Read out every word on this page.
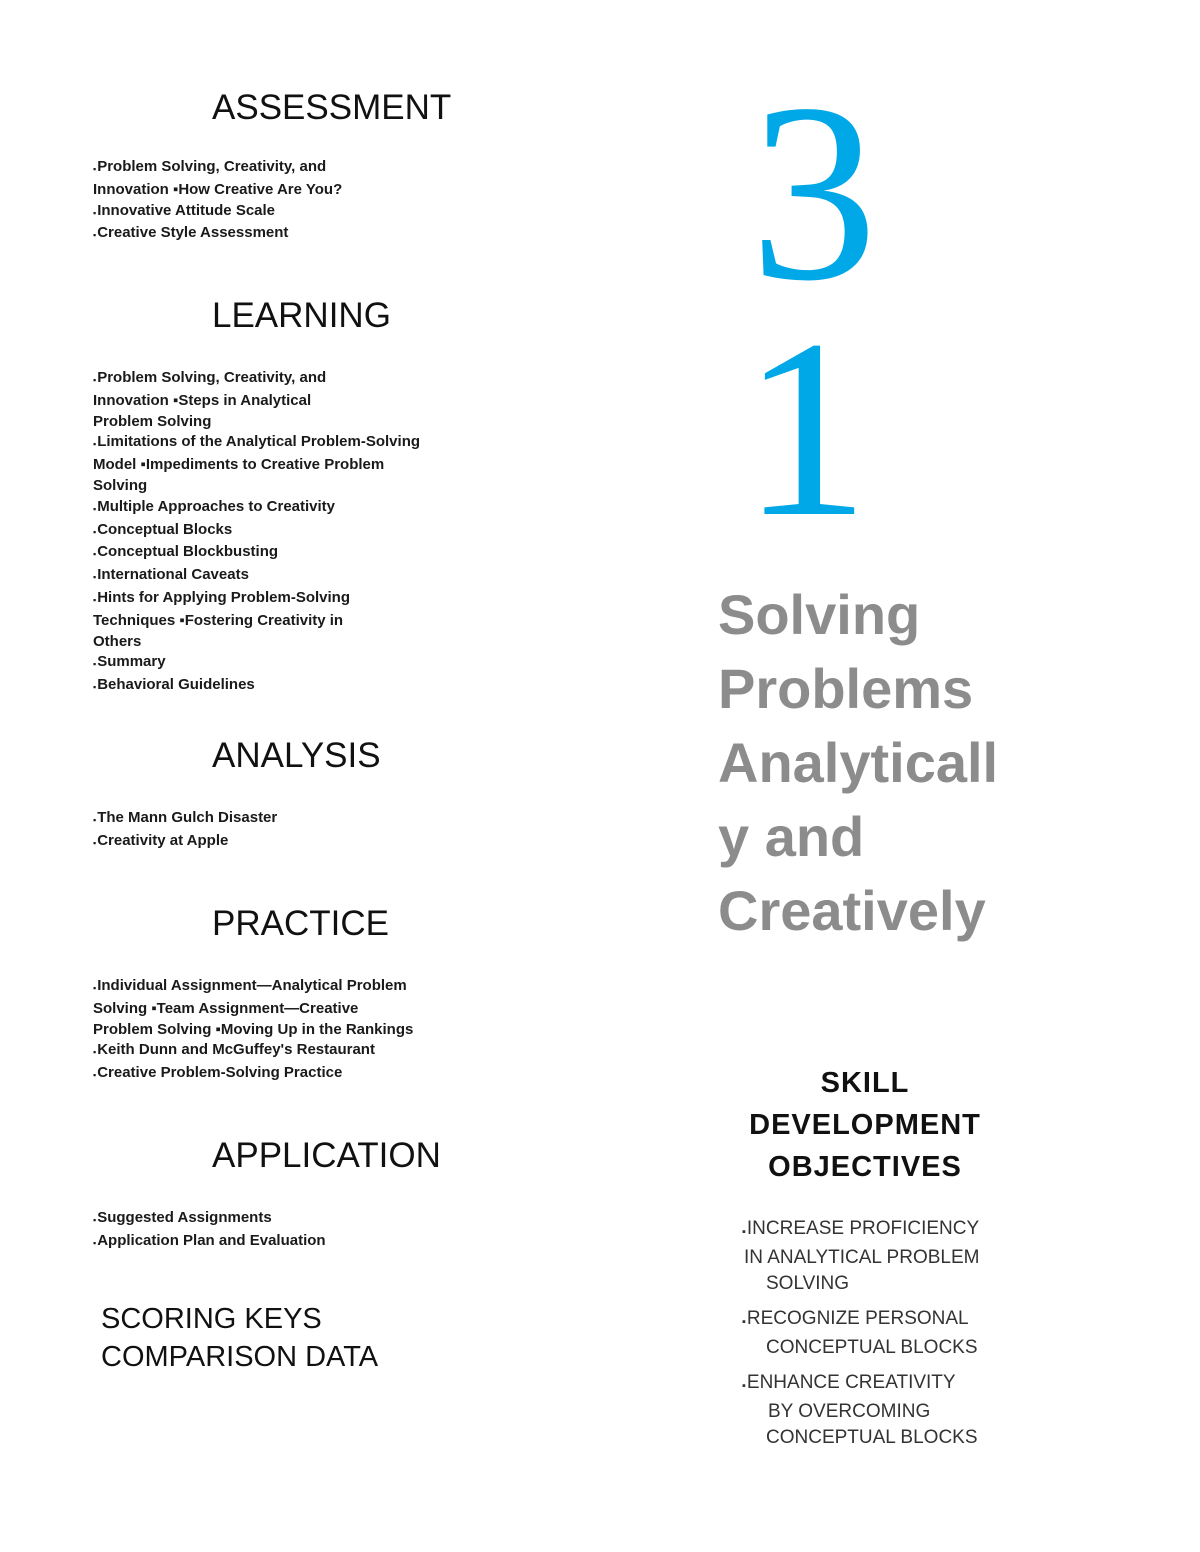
ASSESSMENT
▪Problem Solving, Creativity, and
Innovation ▪How Creative Are You?
▪Innovative Attitude Scale
▪Creative Style Assessment
LEARNING
▪Problem Solving, Creativity, and
Innovation ▪Steps in Analytical
Problem Solving
▪Limitations of the Analytical Problem-Solving
Model ▪Impediments to Creative Problem
Solving
▪Multiple Approaches to Creativity
▪Conceptual Blocks
▪Conceptual Blockbusting
▪International Caveats
▪Hints for Applying Problem-Solving
Techniques ▪Fostering Creativity in
Others
▪Summary
▪Behavioral Guidelines
ANALYSIS
▪The Mann Gulch Disaster
▪Creativity at Apple
PRACTICE
▪Individual Assignment—Analytical Problem
Solving ▪Team Assignment—Creative
Problem Solving ▪Moving Up in the Rankings
▪Keith Dunn and McGuffey's Restaurant
▪Creative Problem-Solving Practice
APPLICATION
▪Suggested Assignments
▪Application Plan and Evaluation
SCORING KEYS
COMPARISON DATA
3
1
Solving
Problems
Analyticall
y and
Creatively
SKILL
DEVELOPMENT
OBJECTIVES
▪INCREASE PROFICIENCY
IN ANALYTICAL PROBLEM
SOLVING
▪RECOGNIZE PERSONAL
CONCEPTUAL BLOCKS
▪ENHANCE CREATIVITY
BY OVERCOMING
CONCEPTUAL BLOCKS
